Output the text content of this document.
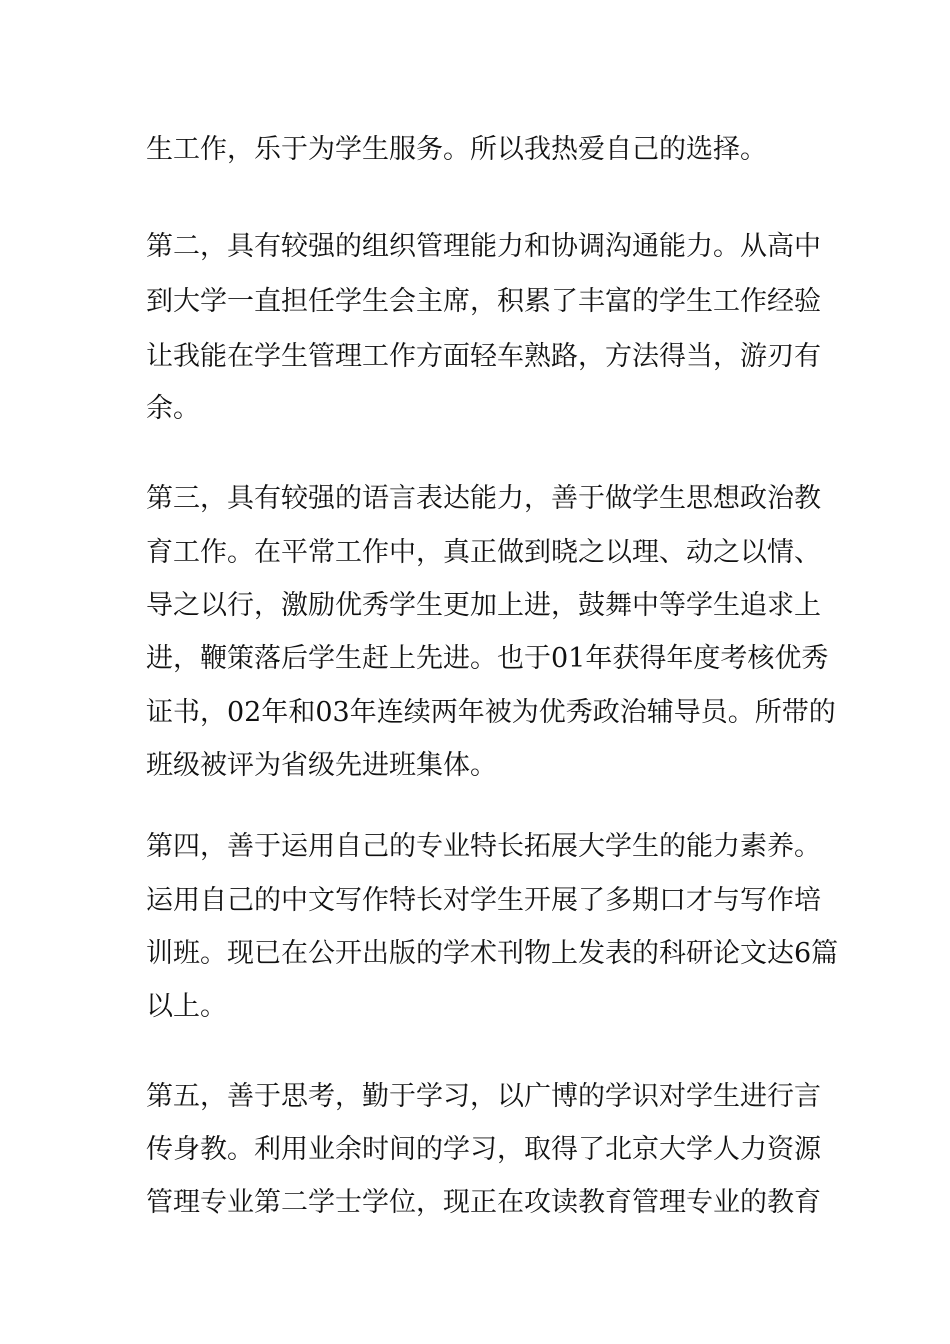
生工作，乐于为学生服务。所以我热爱自己的选择。
第二，具有较强的组织管理能力和协调沟通能力。从高中
到大学一直担任学生会主席，积累了丰富的学生工作经验
让我能在学生管理工作方面轻车熟路，方法得当，游刃有
余。
第三，具有较强的语言表达能力，善于做学生思想政治教
育工作。在平常工作中，真正做到晓之以理、动之以情、
导之以行，激励优秀学生更加上进，鼓舞中等学生追求上
进，鞭策落后学生赶上先进。也于01年获得年度考核优秀
证书，02年和03年连续两年被为优秀政治辅导员。所带的
班级被评为省级先进班集体。
第四，善于运用自己的专业特长拓展大学生的能力素养。
运用自己的中文写作特长对学生开展了多期口才与写作培
训班。现已在公开出版的学术刊物上发表的科研论文达6篇
以上。
第五，善于思考，勤于学习，以广博的学识对学生进行言
传身教。利用业余时间的学习，取得了北京大学人力资源
管理专业第二学士学位，现正在攻读教育管理专业的教育
